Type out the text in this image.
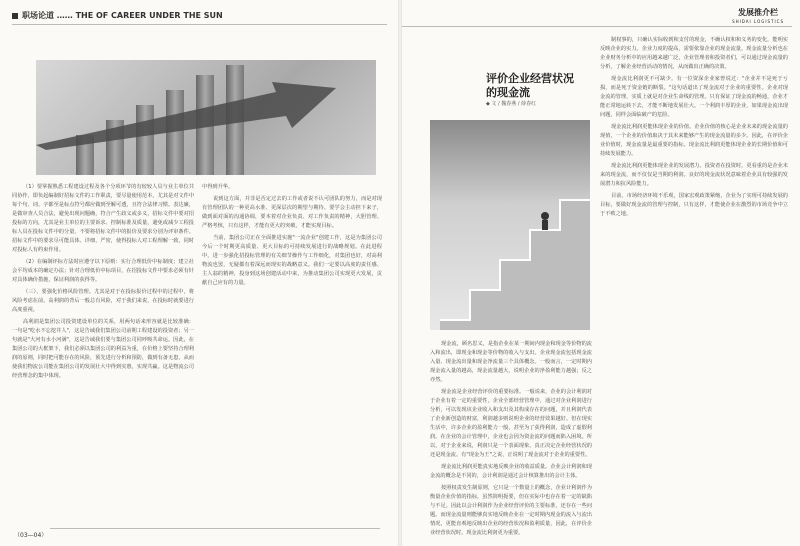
职场论道 …… THE OF CAREER UNDER THE SUN

（1）要掌握熟悉工程建设过程及各个分项环节的有较较人员与业主单位共同协作，即负起编制好招标文件的工作职责，要尽量使用范本，尤其是对文件中每个句、词、字都至是标点符号都应做到至解可透，且符合法律习惯。表达廉，是做审查人员合法，避免出现问题确，符合产生歧义或多义，招标文件中要对招投标的方向，尤其是业主单位的主要诉求、控制标准及质量，避免或减少工程投标人员在投标文件中的分量，不要将招标文件中的报价及要求分别为评审条件。招标文件中的要求尽可能具体、详细、严密，使得投标人对工程理解一致，同时对投标人有约束作用。

（2）在编制评标方法时应遵守以下原则：实行合理低价中标制度；建立社会平均成本的确定办法；针对合理低价中标项目，在招投标文件中要求必须有针对具体确价措施，保证利润的获得等。

（三）、要强化价格风险管理。尤其是对于在投标报价过程中的过程中，将风险考虑在前。高利润的背后一般总有风险，对于我们来说，在投标时就要进行高度重视。

高利润是集团公司投资建设单位的关系，用两句话来形容就是比较准确：一句是"吃水不忘挖井人"，这是告诫我们集团公司前期工程建设的投资者；另一句就是"大河有水小河满"，这是告诫我们要与集团公司同呼吸共命运。因此，在集团公司的大框架下，我们必须以集团公司的利益为重，在价格上要坚持合理利润的原则，同时把可能存在的风险，预先进行分析和预防，做到有备无患，从而使我们物流公司能在集团公司的发展壮大中得到实惠，实现共赢。这是物流公司经营理念的集中体现。

中得到升华。

说到这方面，并非是否定过去的工作或者说不认可团队的努力，而是对现有管理团队的一种更高水准、更深层次的期望与期待。要学会主动担下来子，做到面对面的沟通协调，要本着对企业负责、对工作负责的精神，大胆管理、严格考核，只有这样，才能有更大的突破，才能实现目标。

当前，集团公司正在全面推进实施"一流企业"创建工作，这是为集团公司今后一个时期更高质量、更大目标的可持续发展进行的战略规划。在此进程中，进一步强化招投标管理的有关细节操作与工作细化，对集团也好，对高利物流也罢，无疑都有着深远而现实的战略意义。我们一定要以高度的责任感、主人翁的精神，投身到这场创建活动中来，为推动集团公司实现更大发展，贡献自己应有的力量。

（03—04）
发展推介栏
SHIDAI LOGISTICS
评价企业经营状况的现金流
◆ 文 / 魏春燕 / 薛春红

现金流，顾名思义，是指企业在某一期间内现金和现金等价物的流入和流出，即现金和现金等价物的收入与支出。企业现金流包括现金流入量、现金流出量和现金净流量三个具体概念。一般而言，一定时期内现金流入量的越高，现金流量越大，说明企业的净盈利能力越强；反之亦然。

现金流是企业经营评价的重要标准。一般说来，企业的会计利润对于企业有着一定的重要性，企业全部经营管理中，通过对企业利润进行分析，可以发现该企业收入和支出及其构成存在的问题，并且利润代表了企业新创造的财富，利润越多则说明企业的经营效果越好。但在现实生活中，许多企业的盈利能力一般，甚至为了获得利润，造成了虚假利润。在企业的会计管理中，企业也会因为资金流的问题而陷入困境。所以，对于企业来说，利润只是一个表面现象，真正决定企业经营状况的还是现金流。有"现金为王"之说，正说明了现金流对于企业的重要性。

现金流比利润更能真实地反映企业的收益质量。企业会计利润和现金流的概念是不同的，会计利润是通过会计核算推出的会计主体。

按照权责发生制原则，它只是一个数量上的概念，企业计利润作为衡量企业价值的指标，虽然简明扼要，但在实际中也存在着一定的缺陷与不足。因此以会计利润作为企业经营评价的主要标准，还存在一些问题。而现金流量则能够真实地反映企业在一定时期内现金的流入与流出情况，更能直观地反映出企业的经营状况和盈利质量，因此，在评价企业经营状况时，现金流比利润更为重要。

制权事的，只确认实际收到和支付的现金，不确认权和和义务的变化，能明实反映企业的实力。企业力度的提高，需要依靠企业的现金流量。现金流量分析也在企业财务分析中的应用越来越广泛，企业管理者和投资者们，可以通过现金流量的分析，了解企业经营活动的情况，从而做出正确的决策。

现金流比利润更不可缺少。有一位资深企业家曾说过："企业并不是死于亏损，而是死于资金链的断裂。"这句话道出了现金流对于企业的重要性。企业对现金流的管理，实质上就是对企业生命线的管理。只有保证了现金流的畅通，企业才能正常地运转下去，才能不断地发展壮大。一个利润丰厚的企业，如果现金流出现问题，同样会面临破产的危险。

现金流比利润更能体现企业的价值。企业价值的核心是企业未来的现金流量的现值，一个企业的价值取决于其未来能够产生的现金流量的多少。因此，在评价企业价值时，现金流量是最重要的指标。现金流比利润更能体现企业的长期价值和可持续发展能力。

现金流比利润更能体现企业的发展潜力。投资者在投资时，更看重的是企业未来的现金流，而不仅仅是当期的利润。良好的现金流状况意味着企业具有较强的发展潜力和抗风险能力。

目前，市场经济环境不乐观，国家宏观政策紧缩，企业为了实现可持续发展的目标，要做好现金流的管理与控制，只有这样，才能使企业在激烈的市场竞争中立于不败之地。
